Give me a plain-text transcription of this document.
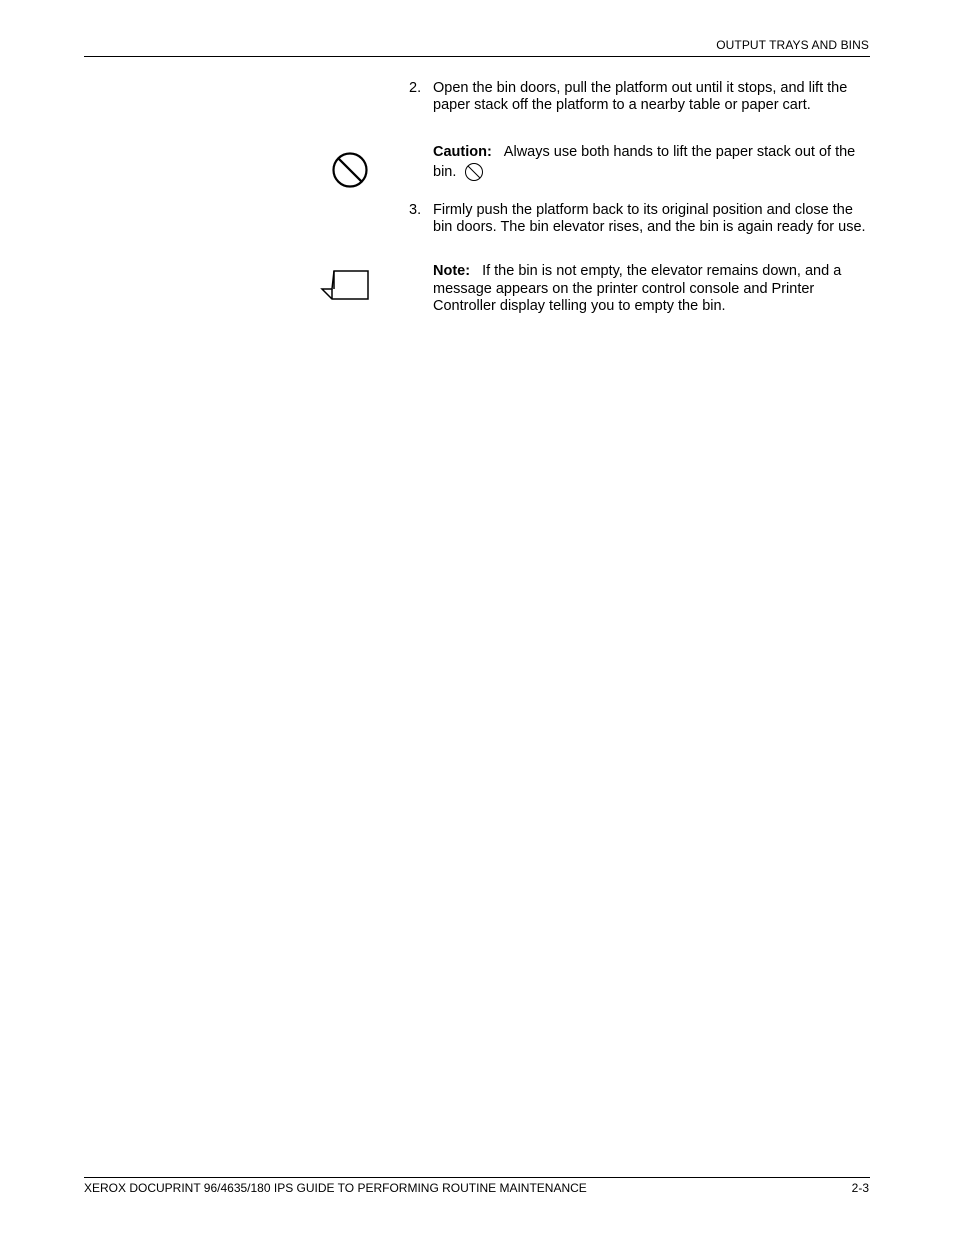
OUTPUT TRAYS AND BINS
2. Open the bin doors, pull the platform out until it stops, and lift the paper stack off the platform to a nearby table or paper cart.
Caution: Always use both hands to lift the paper stack out of the bin.
3. Firmly push the platform back to its original position and close the bin doors. The bin elevator rises, and the bin is again ready for use.
Note: If the bin is not empty, the elevator remains down, and a message appears on the printer control console and Printer Controller display telling you to empty the bin.
XEROX DOCUPRINT 96/4635/180 IPS GUIDE TO PERFORMING ROUTINE MAINTENANCE	2-3
